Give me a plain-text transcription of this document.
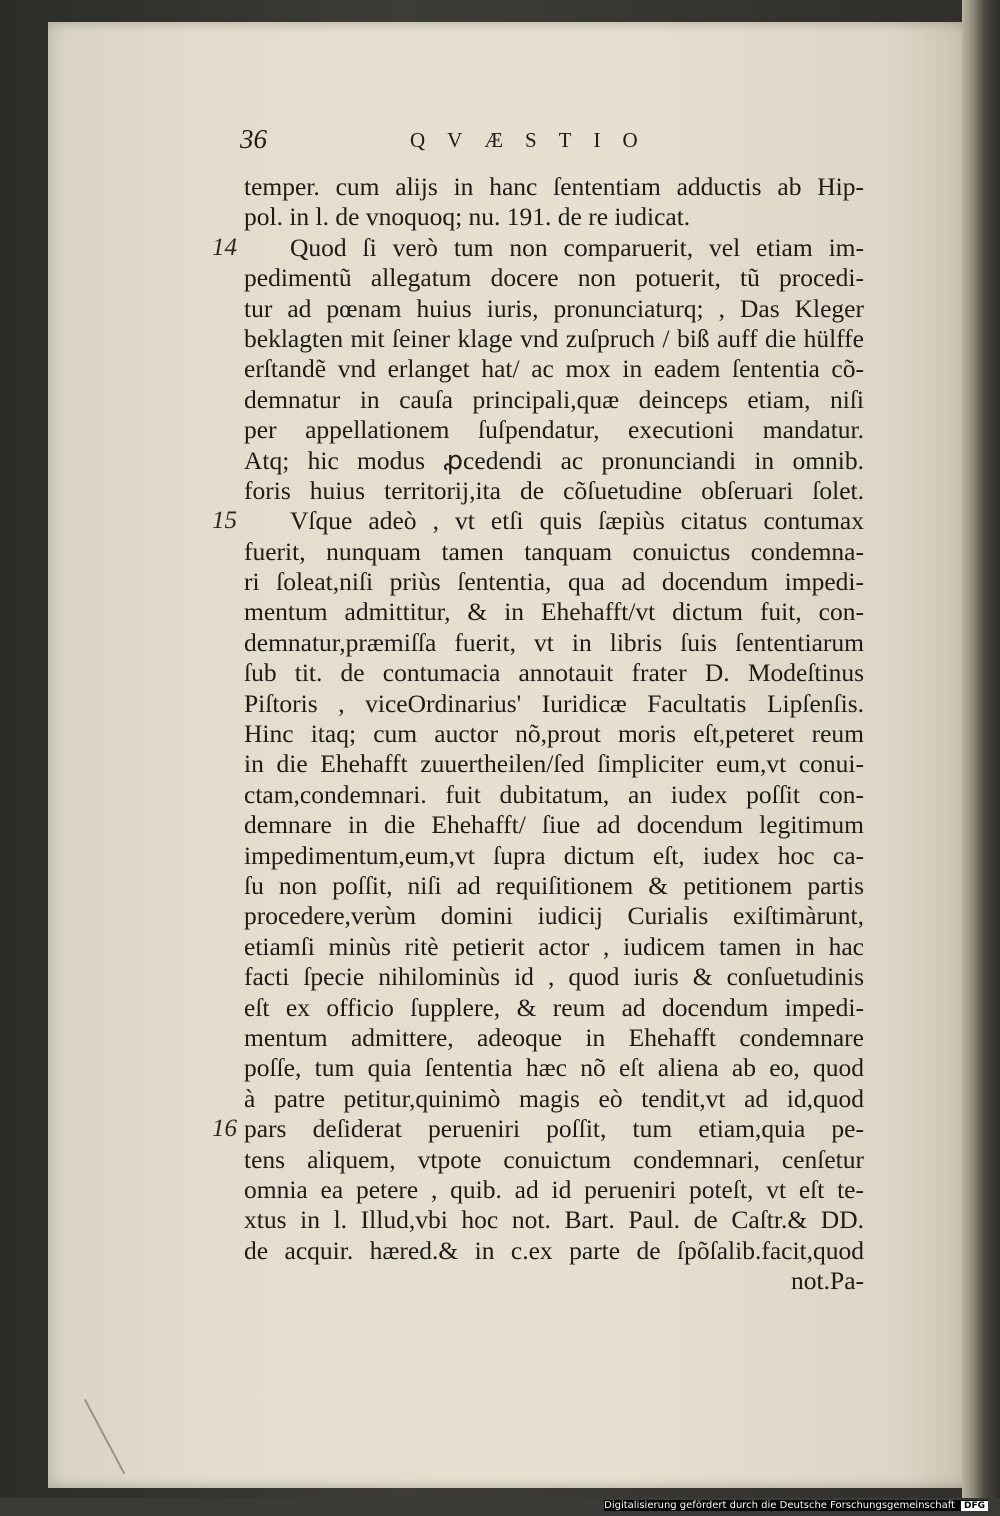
36	QVÆSTIO
temper. cum alijs in hanc ſententiam adductis ab Hip-
pol. in l. de vnoquoq; nu. 191. de re iudicat.
Quod ſi verò tum non comparuerit, vel etiam im-
14
pedimentũ allegatum docere non potuerit, tũ procedi-
tur ad pœnam huius iuris, pronunciaturq; , Das Kleger
beklagten mit ſeiner klage vnd zuſpruch / biß auff die hülffe
erſtandẽ vnd erlanget hat/ ac mox in eadem ſententia cõ-
demnatur in cauſa principali,quæ deinceps etiam, niſi
per appellationem ſuſpendatur, executioni mandatur.
Atq; hic modus ꝓcedendi ac pronunciandi in omnib.
foris huius territorij,ita de cõſuetudine obſeruari ſolet.
Vſque adeò , vt etſi quis ſæpiùs citatus contumax
15
fuerit, nunquam tamen tanquam conuictus condemna-
ri ſoleat,niſi priùs ſententia, qua ad docendum impedi-
mentum admittitur, & in Ehehafft/vt dictum fuit, con-
demnatur,præmiſſa fuerit, vt in libris ſuis ſententiarum
ſub tit. de contumacia annotauit frater D. Modeſtinus
Piſtoris , viceOrdinarius' Iuridicæ Facultatis Lipſenſis.
Hinc itaq; cum auctor nõ,prout moris eſt,peteret reum
in die Ehehafft zuuertheilen/ſed ſimpliciter eum,vt conui-
ctam,condemnari. fuit dubitatum, an iudex poſſit con-
demnare in die Ehehafft/ ſiue ad docendum legitimum
impedimentum,eum,vt ſupra dictum eſt, iudex hoc ca-
ſu non poſſit, niſi ad requiſitionem & petitionem partis
procedere,verùm domini iudicij Curialis exiſtimàrunt,
etiamſi minùs ritè petierit actor , iudicem tamen in hac
facti ſpecie nihilominùs id , quod iuris & conſuetudinis
eſt ex officio ſupplere, & reum ad docendum impedi-
mentum admittere, adeoque in Ehehafft condemnare
poſſe, tum quia ſententia hæc nõ eſt aliena ab eo, quod
à patre petitur,quinimò magis eò tendit,vt ad id,quod
pars deſiderat perueniri poſſit, tum etiam,quia pe-
16
tens aliquem, vtpote conuictum condemnari, cenſetur
omnia ea petere , quib. ad id perueniri poteſt, vt eſt te-
xtus in l. Illud,vbi hoc not. Bart. Paul. de Caſtr.& DD.
de acquir. hæred.& in c.ex parte de ſpõſalib.facit,quod
not.Pa-
Digitalisierung gefördert durch die Deutsche Forschungsgemeinschaft DFG
